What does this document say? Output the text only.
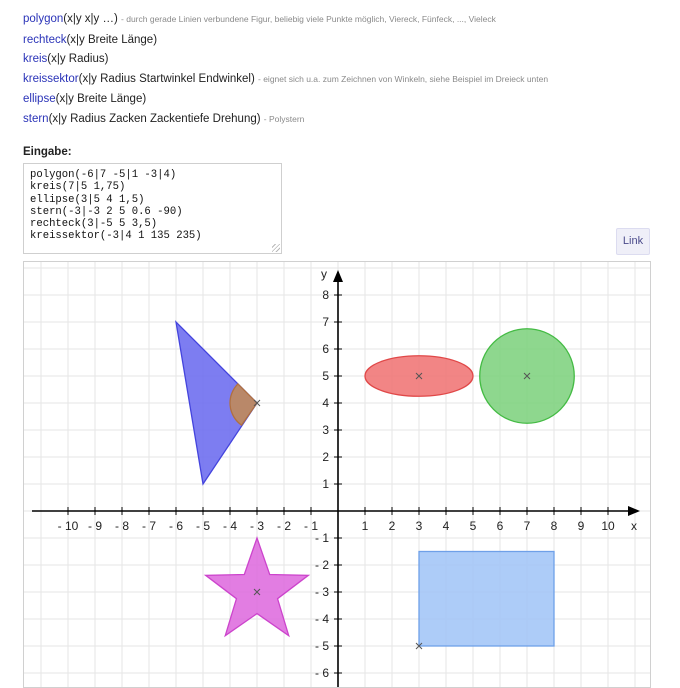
polygon(x|y x|y …) - durch gerade Linien verbundene Figur, beliebig viele Punkte möglich, Viereck, Fünfeck, ..., Vieleck
rechteck(x|y Breite Länge)
kreis(x|y Radius)
kreissektor(x|y Radius Startwinkel Endwinkel) - eignet sich u.a. zum Zeichnen von Winkeln, siehe Beispiel im Dreieck unten
ellipse(x|y Breite Länge)
stern(x|y Radius Zacken Zackentiefe Drehung) - Polystern
Eingabe:
polygon(-6|7 -5|1 -3|4)
kreis(7|5 1,75)
ellipse(3|5 4 1,5)
stern(-3|-3 2 5 0.6 -90)
rechteck(3|-5 5 3,5)
kreissektor(-3|4 1 135 235)	Link
- 10 - 9 - 8 - 7 - 6 - 5 - 4 - 3 - 2 - 1	1 2 3 4 5 6 7 8 9 10
8
7
6
5
4
3
2
1
- 1
- 2
- 3
- 4
- 5
- 6
x
y
